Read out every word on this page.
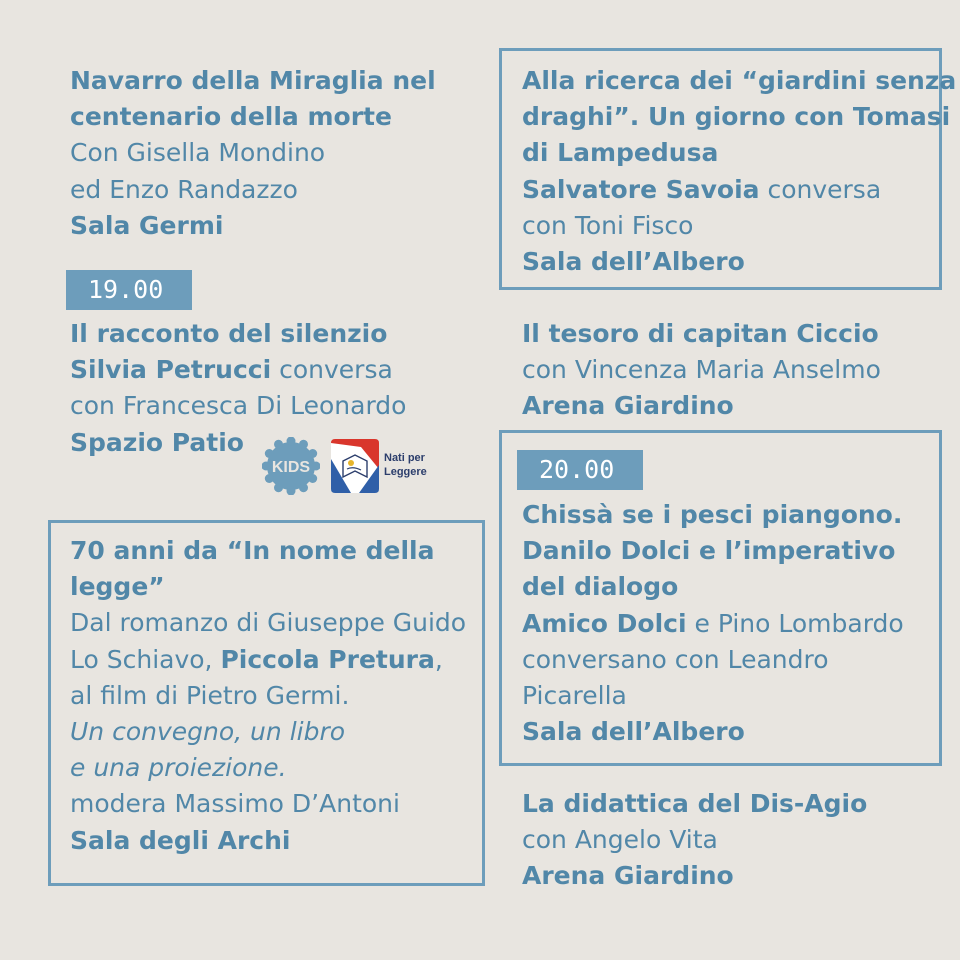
Navarro della Miraglia nel
centenario della morte
Con Gisella Mondino
ed Enzo Randazzo
Sala Germi
19.00
Il racconto del silenzio
Silvia Petrucci conversa
con Francesca Di Leonardo
Spazio Patio
KIDS
Nati per
Leggere
70 anni da “In nome della
legge”
Dal romanzo di Giuseppe Guido
Lo Schiavo, Piccola Pretura,
al film di Pietro Germi.
Un convegno, un libro
e una proiezione.
modera Massimo D’Antoni
Sala degli Archi
Alla ricerca dei “giardini senza
draghi”. Un giorno con Tomasi
di Lampedusa
Salvatore Savoia conversa
con Toni Fisco
Sala dell’Albero
Il tesoro di capitan Ciccio
con Vincenza Maria Anselmo
Arena Giardino
20.00
Chissà se i pesci piangono.
Danilo Dolci e l’imperativo
del dialogo
Amico Dolci e Pino Lombardo
conversano con Leandro
Picarella
Sala dell’Albero
La didattica del Dis-Agio
con Angelo Vita
Arena Giardino
